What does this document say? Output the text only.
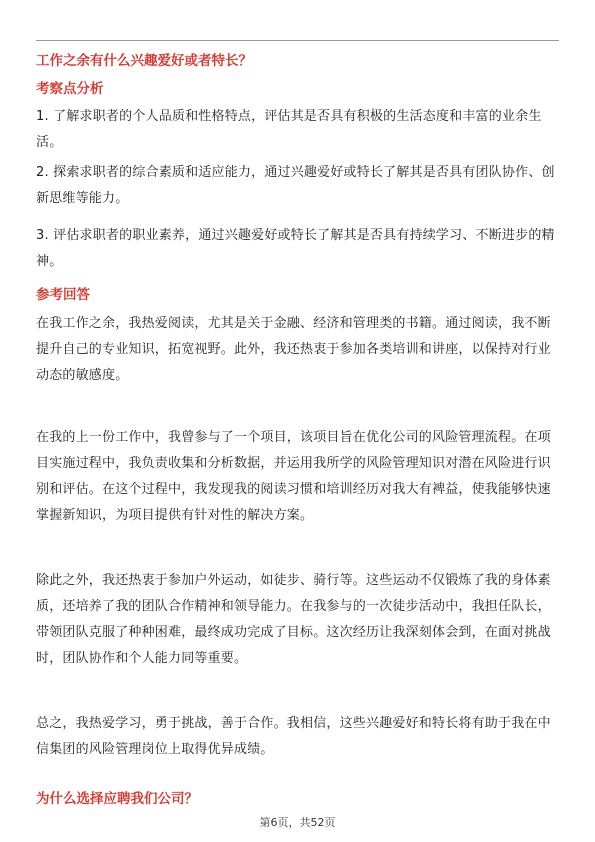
工作之余有什么兴趣爱好或者特长？
考察点分析

1. 了解求职者的个人品质和性格特点，评估其是否具有积极的生活态度和丰富的业余生活。

2. 探索求职者的综合素质和适应能力，通过兴趣爱好或特长了解其是否具有团队协作、创新思维等能力。

3. 评估求职者的职业素养，通过兴趣爱好或特长了解其是否具有持续学习、不断进步的精神。

参考回答

在我工作之余，我热爱阅读，尤其是关于金融、经济和管理类的书籍。通过阅读，我不断提升自己的专业知识，拓宽视野。此外，我还热衷于参加各类培训和讲座，以保持对行业动态的敏感度。

在我的上一份工作中，我曾参与了一个项目，该项目旨在优化公司的风险管理流程。在项目实施过程中，我负责收集和分析数据，并运用我所学的风险管理知识对潜在风险进行识别和评估。在这个过程中，我发现我的阅读习惯和培训经历对我大有裨益，使我能够快速掌握新知识，为项目提供有针对性的解决方案。

除此之外，我还热衷于参加户外运动，如徒步、骑行等。这些运动不仅锻炼了我的身体素质，还培养了我的团队合作精神和领导能力。在我参与的一次徒步活动中，我担任队长，带领团队克服了种种困难，最终成功完成了目标。这次经历让我深刻体会到，在面对挑战时，团队协作和个人能力同等重要。

总之，我热爱学习，勇于挑战，善于合作。我相信，这些兴趣爱好和特长将有助于我在中信集团的风险管理岗位上取得优异成绩。

为什么选择应聘我们公司？
第6页，共52页
